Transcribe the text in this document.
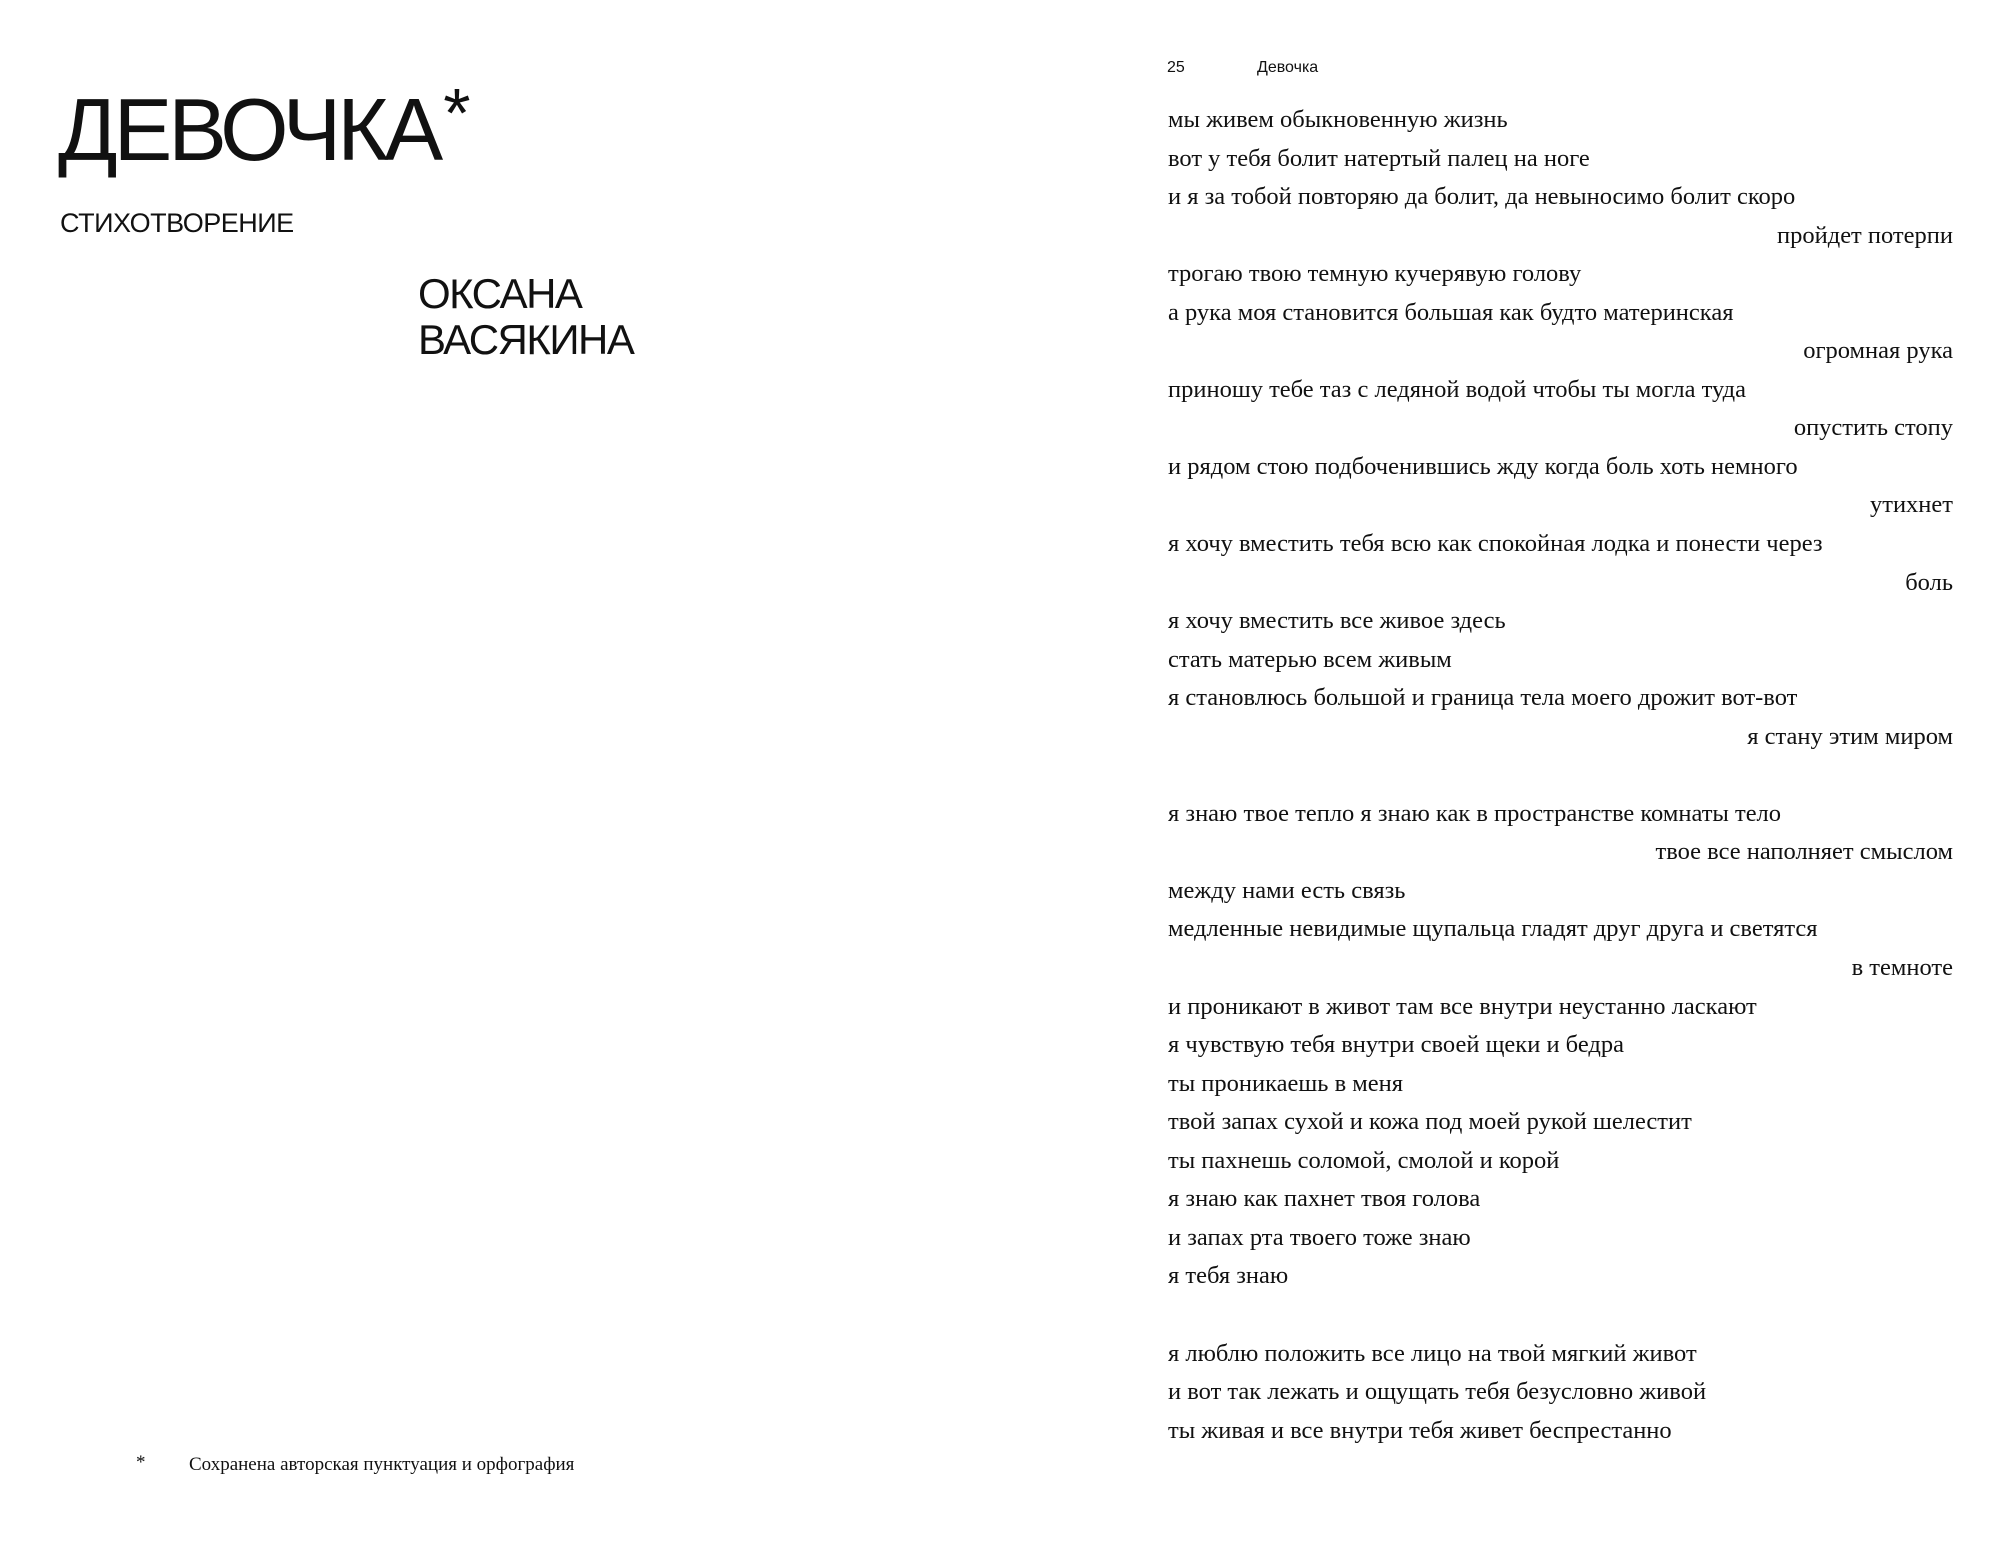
ДЕВОЧКА*
СТИХОТВОРЕНИЕ
ОКСАНА
ВАСЯКИНА
* Сохранена авторская пунктуация и орфография
25	Девочка
мы живем обыкновенную жизнь
вот у тебя болит натертый палец на ноге
и я за тобой повторяю да болит, да невыносимо болит скоро
пройдет потерпи
трогаю твою темную кучерявую голову
а рука моя становится большая как будто материнская
огромная рука
приношу тебе таз с ледяной водой чтобы ты могла туда
опустить стопу
и рядом стою подбоченившись жду когда боль хоть немного
утихнет
я хочу вместить тебя всю как спокойная лодка и понести через
боль
я хочу вместить все живое здесь
стать матерью всем живым
я становлюсь большой и граница тела моего дрожит вот-вот
я стану этим миром
я знаю твое тепло я знаю как в пространстве комнаты тело
твое все наполняет смыслом
между нами есть связь
медленные невидимые щупальца гладят друг друга и светятся
в темноте
и проникают в живот там все внутри неустанно ласкают
я чувствую тебя внутри своей щеки и бедра
ты проникаешь в меня
твой запах сухой и кожа под моей рукой шелестит
ты пахнешь соломой, смолой и корой
я знаю как пахнет твоя голова
и запах рта твоего тоже знаю
я тебя знаю
я люблю положить все лицо на твой мягкий живот
и вот так лежать и ощущать тебя безусловно живой
ты живая и все внутри тебя живет беспрестанно
